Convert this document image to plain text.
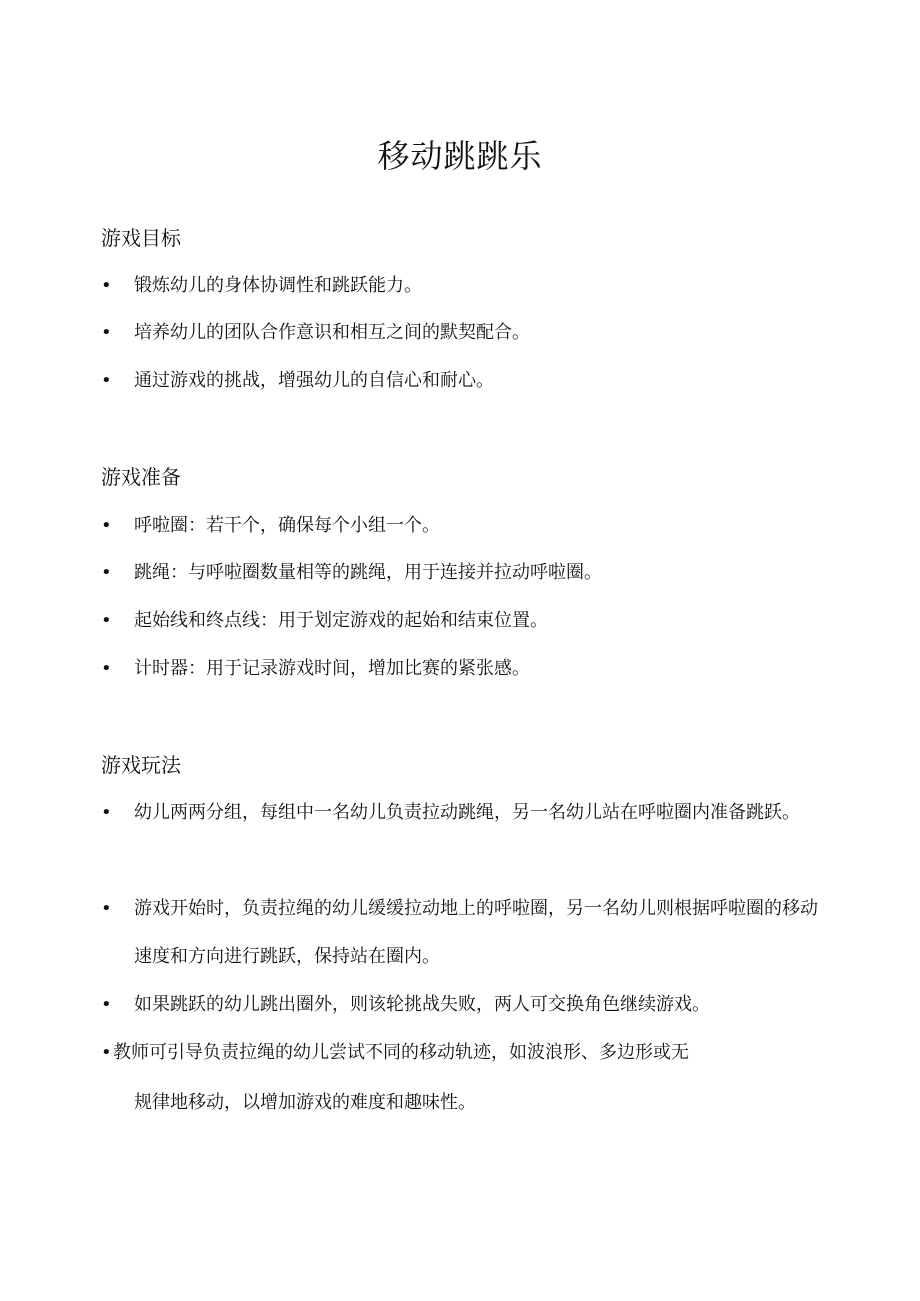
移动跳跳乐
游戏目标
•	锻炼幼儿的身体协调性和跳跃能力。
•	培养幼儿的团队合作意识和相互之间的默契配合。
•	通过游戏的挑战，增强幼儿的自信心和耐心。
游戏准备
•	呼啦圈：若干个，确保每个小组一个。
•	跳绳：与呼啦圈数量相等的跳绳，用于连接并拉动呼啦圈。
•	起始线和终点线：用于划定游戏的起始和结束位置。
•	计时器：用于记录游戏时间，增加比赛的紧张感。
游戏玩法
•	幼儿两两分组，每组中一名幼儿负责拉动跳绳，另一名幼儿站在呼啦圈内准备跳跃。
•	游戏开始时，负责拉绳的幼儿缓缓拉动地上的呼啦圈，另一名幼儿则根据呼啦圈的移动速度和方向进行跳跃，保持站在圈内。
•	如果跳跃的幼儿跳出圈外，则该轮挑战失败，两人可交换角色继续游戏。
• 教师可引导负责拉绳的幼儿尝试不同的移动轨迹，如波浪形、多边形或无
规律地移动，以增加游戏的难度和趣味性。
